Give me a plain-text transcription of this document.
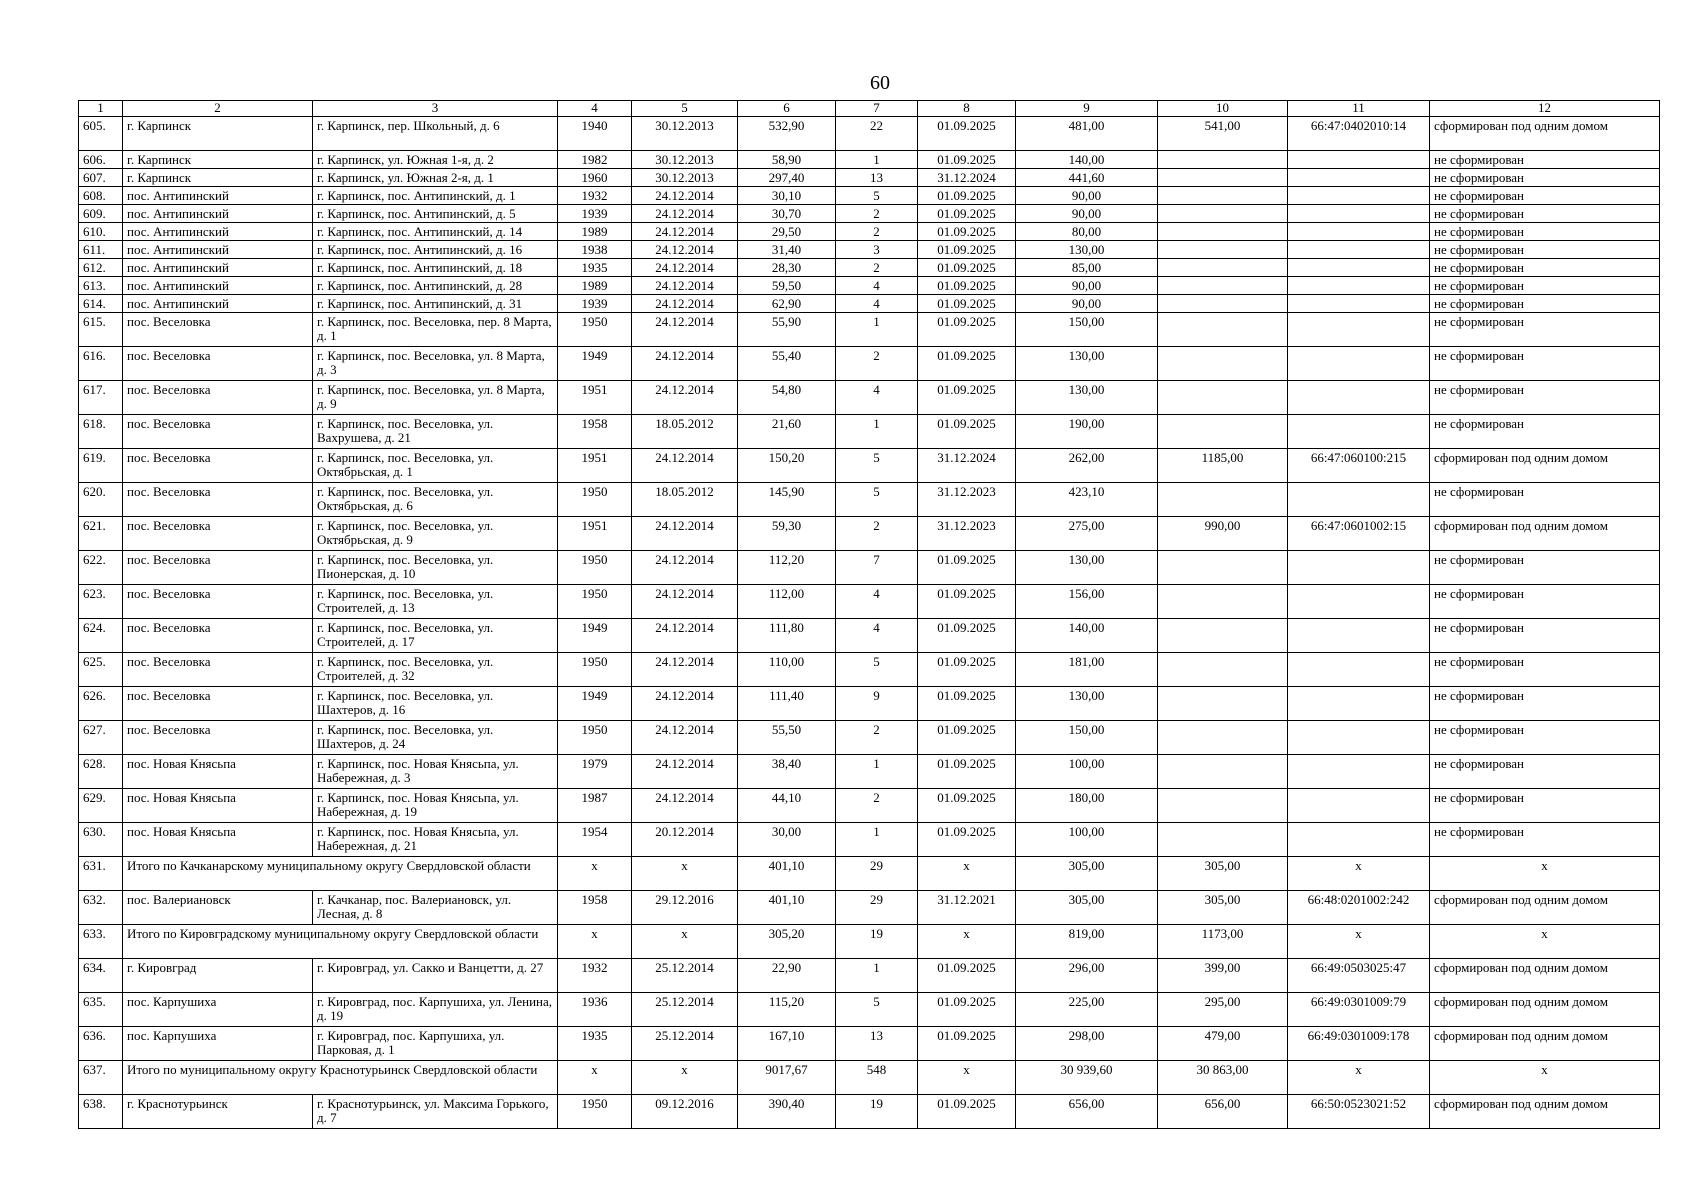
60
1	2	3	4	5	6	7	8	9	10	11	12
605.	г. Карпинск	г. Карпинск, пер. Школьный, д. 6	1940	30.12.2013	532,90	22	01.09.2025	481,00	541,00	66:47:0402010:14	сформирован под одним домом
606.	г. Карпинск	г. Карпинск, ул. Южная 1-я, д. 2	1982	30.12.2013	58,90	1	01.09.2025	140,00			не сформирован
607.	г. Карпинск	г. Карпинск, ул. Южная 2-я, д. 1	1960	30.12.2013	297,40	13	31.12.2024	441,60			не сформирован
608.	пос. Антипинский	г. Карпинск, пос. Антипинский, д. 1	1932	24.12.2014	30,10	5	01.09.2025	90,00			не сформирован
609.	пос. Антипинский	г. Карпинск, пос. Антипинский, д. 5	1939	24.12.2014	30,70	2	01.09.2025	90,00			не сформирован
610.	пос. Антипинский	г. Карпинск, пос. Антипинский, д. 14	1989	24.12.2014	29,50	2	01.09.2025	80,00			не сформирован
611.	пос. Антипинский	г. Карпинск, пос. Антипинский, д. 16	1938	24.12.2014	31,40	3	01.09.2025	130,00			не сформирован
612.	пос. Антипинский	г. Карпинск, пос. Антипинский, д. 18	1935	24.12.2014	28,30	2	01.09.2025	85,00			не сформирован
613.	пос. Антипинский	г. Карпинск, пос. Антипинский, д. 28	1989	24.12.2014	59,50	4	01.09.2025	90,00			не сформирован
614.	пос. Антипинский	г. Карпинск, пос. Антипинский, д. 31	1939	24.12.2014	62,90	4	01.09.2025	90,00			не сформирован
615.	пос. Веселовка	г. Карпинск, пос. Веселовка, пер. 8 Марта, д. 1	1950	24.12.2014	55,90	1	01.09.2025	150,00			не сформирован
616.	пос. Веселовка	г. Карпинск, пос. Веселовка, ул. 8 Марта, д. 3	1949	24.12.2014	55,40	2	01.09.2025	130,00			не сформирован
617.	пос. Веселовка	г. Карпинск, пос. Веселовка, ул. 8 Марта, д. 9	1951	24.12.2014	54,80	4	01.09.2025	130,00			не сформирован
618.	пос. Веселовка	г. Карпинск, пос. Веселовка, ул. Вахрушева, д. 21	1958	18.05.2012	21,60	1	01.09.2025	190,00			не сформирован
619.	пос. Веселовка	г. Карпинск, пос. Веселовка, ул. Октябрьская, д. 1	1951	24.12.2014	150,20	5	31.12.2024	262,00	1185,00	66:47:060100:215	сформирован под одним домом
620.	пос. Веселовка	г. Карпинск, пос. Веселовка, ул. Октябрьская, д. 6	1950	18.05.2012	145,90	5	31.12.2023	423,10			не сформирован
621.	пос. Веселовка	г. Карпинск, пос. Веселовка, ул. Октябрьская, д. 9	1951	24.12.2014	59,30	2	31.12.2023	275,00	990,00	66:47:0601002:15	сформирован под одним домом
622.	пос. Веселовка	г. Карпинск, пос. Веселовка, ул. Пионерская, д. 10	1950	24.12.2014	112,20	7	01.09.2025	130,00			не сформирован
623.	пос. Веселовка	г. Карпинск, пос. Веселовка, ул. Строителей, д. 13	1950	24.12.2014	112,00	4	01.09.2025	156,00			не сформирован
624.	пос. Веселовка	г. Карпинск, пос. Веселовка, ул. Строителей, д. 17	1949	24.12.2014	111,80	4	01.09.2025	140,00			не сформирован
625.	пос. Веселовка	г. Карпинск, пос. Веселовка, ул. Строителей, д. 32	1950	24.12.2014	110,00	5	01.09.2025	181,00			не сформирован
626.	пос. Веселовка	г. Карпинск, пос. Веселовка, ул. Шахтеров, д. 16	1949	24.12.2014	111,40	9	01.09.2025	130,00			не сформирован
627.	пос. Веселовка	г. Карпинск, пос. Веселовка, ул. Шахтеров, д. 24	1950	24.12.2014	55,50	2	01.09.2025	150,00			не сформирован
628.	пос. Новая Княсьпа	г. Карпинск, пос. Новая Княсьпа, ул. Набережная, д. 3	1979	24.12.2014	38,40	1	01.09.2025	100,00			не сформирован
629.	пос. Новая Княсьпа	г. Карпинск, пос. Новая Княсьпа, ул. Набережная, д. 19	1987	24.12.2014	44,10	2	01.09.2025	180,00			не сформирован
630.	пос. Новая Княсьпа	г. Карпинск, пос. Новая Княсьпа, ул. Набережная, д. 21	1954	20.12.2014	30,00	1	01.09.2025	100,00			не сформирован
631.	Итого по Качканарскому муниципальному округу Свердловской области		x	x	401,10	29	x	305,00	305,00	x	x
632.	пос. Валериановск	г. Качканар, пос. Валериановск, ул. Лесная, д. 8	1958	29.12.2016	401,10	29	31.12.2021	305,00	305,00	66:48:0201002:242	сформирован под одним домом
633.	Итого по Кировградскому муниципальному округу Свердловской области		x	x	305,20	19	x	819,00	1173,00	x	x
634.	г. Кировград	г. Кировград, ул. Сакко и Ванцетти, д. 27	1932	25.12.2014	22,90	1	01.09.2025	296,00	399,00	66:49:0503025:47	сформирован под одним домом
635.	пос. Карпушиха	г. Кировград, пос. Карпушиха, ул. Ленина, д. 19	1936	25.12.2014	115,20	5	01.09.2025	225,00	295,00	66:49:0301009:79	сформирован под одним домом
636.	пос. Карпушиха	г. Кировград, пос. Карпушиха, ул. Парковая, д. 1	1935	25.12.2014	167,10	13	01.09.2025	298,00	479,00	66:49:0301009:178	сформирован под одним домом
637.	Итого по муниципальному округу Краснотурьинск Свердловской области		x	x	9017,67	548	x	30 939,60	30 863,00	x	x
638.	г. Краснотурьинск	г. Краснотурьинск, ул. Максима Горького, д. 7	1950	09.12.2016	390,40	19	01.09.2025	656,00	656,00	66:50:0523021:52	сформирован под одним домом
